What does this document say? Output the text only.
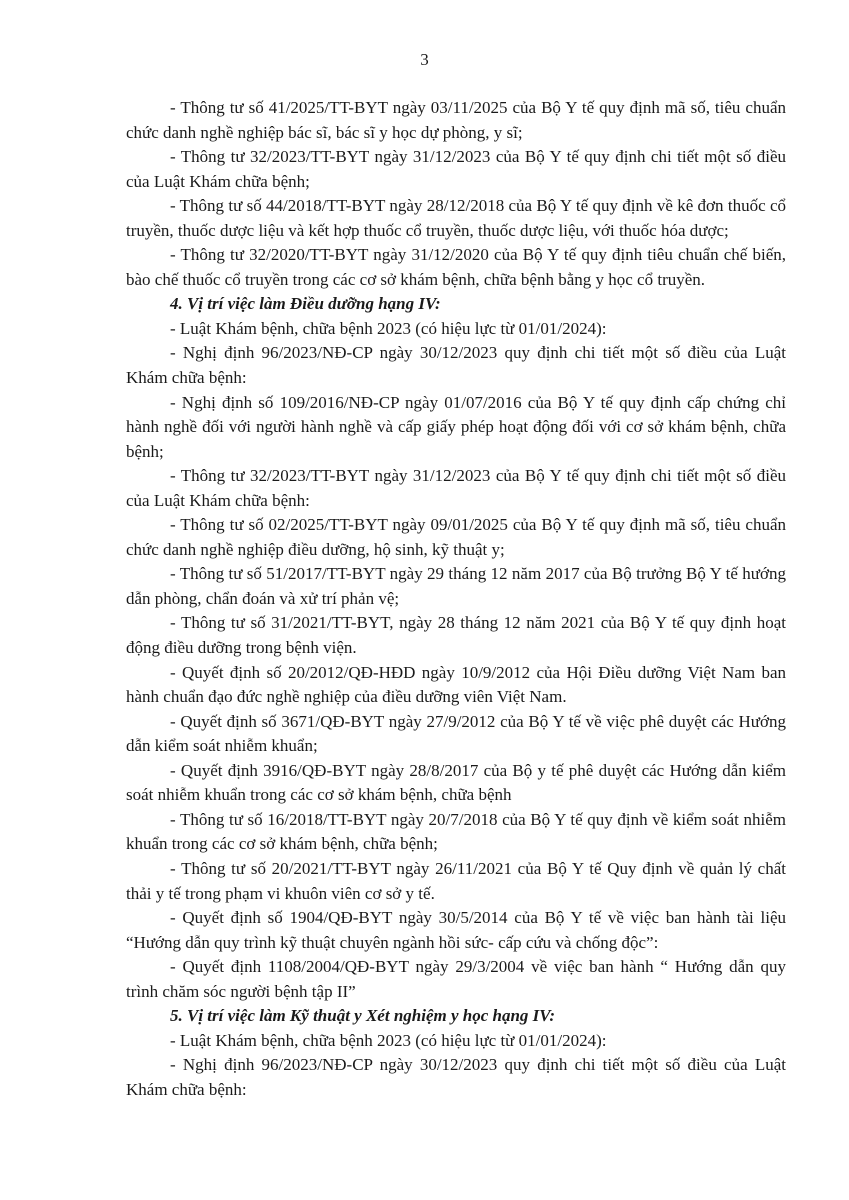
3

- Thông tư số 41/2025/TT-BYT ngày 03/11/2025 của Bộ Y tế quy định mã số, tiêu chuẩn chức danh nghề nghiệp bác sĩ, bác sĩ y học dự phòng, y sĩ;

- Thông tư 32/2023/TT-BYT ngày 31/12/2023 của Bộ Y tế quy định chi tiết một số điều của Luật Khám chữa bệnh;

- Thông tư số 44/2018/TT-BYT ngày 28/12/2018 của Bộ Y tế quy định về kê đơn thuốc cổ truyền, thuốc dược liệu và kết hợp thuốc cổ truyền, thuốc dược liệu, với thuốc hóa dược;

- Thông tư 32/2020/TT-BYT ngày 31/12/2020 của Bộ Y tế quy định tiêu chuẩn chế biến, bào chế thuốc cổ truyền trong các cơ sở khám bệnh, chữa bệnh bằng y học cổ truyền.

4. Vị trí việc làm Điều dưỡng hạng IV:

- Luật Khám bệnh, chữa bệnh 2023 (có hiệu lực từ 01/01/2024):

- Nghị định 96/2023/NĐ-CP ngày 30/12/2023 quy định chi tiết một số điều của Luật Khám chữa bệnh:

- Nghị định số 109/2016/NĐ-CP ngày 01/07/2016 của Bộ Y tế quy định cấp chứng chỉ hành nghề đối với người hành nghề và cấp giấy phép hoạt động đối với cơ sở khám bệnh, chữa bệnh;

- Thông tư 32/2023/TT-BYT ngày 31/12/2023 của Bộ Y tế quy định chi tiết một số điều của Luật Khám chữa bệnh:

- Thông tư số 02/2025/TT-BYT ngày 09/01/2025 của Bộ Y tế quy định mã số, tiêu chuẩn chức danh nghề nghiệp điều dưỡng, hộ sinh, kỹ thuật y;

- Thông tư số 51/2017/TT-BYT ngày 29 tháng 12 năm 2017 của Bộ trưởng Bộ Y tế hướng dẫn phòng, chẩn đoán và xử trí phản vệ;

- Thông tư số 31/2021/TT-BYT, ngày 28 tháng 12 năm 2021 của Bộ Y tế quy định hoạt động điều dưỡng trong bệnh viện.

- Quyết định số 20/2012/QĐ-HĐD ngày 10/9/2012 của Hội Điều dưỡng Việt Nam ban hành chuẩn đạo đức nghề nghiệp của điều dưỡng viên Việt Nam.

- Quyết định số 3671/QĐ-BYT ngày 27/9/2012 của Bộ Y tế về việc phê duyệt các Hướng dẫn kiểm soát nhiễm khuẩn;

- Quyết định 3916/QĐ-BYT ngày 28/8/2017 của Bộ y tế phê duyệt các Hướng dẫn kiểm soát nhiễm khuẩn trong các cơ sở khám bệnh, chữa bệnh

- Thông tư số 16/2018/TT-BYT ngày 20/7/2018 của Bộ Y tế quy định về kiểm soát nhiễm khuẩn trong các cơ sở khám bệnh, chữa bệnh;

- Thông tư số 20/2021/TT-BYT ngày 26/11/2021 của Bộ Y tế Quy định về quản lý chất thải y tế trong phạm vi khuôn viên cơ sở y tế.

- Quyết định số 1904/QĐ-BYT ngày 30/5/2014 của Bộ Y tế về việc ban hành tài liệu “Hướng dẫn quy trình kỹ thuật chuyên ngành hồi sức- cấp cứu và chống độc”:

- Quyết định 1108/2004/QĐ-BYT ngày 29/3/2004 về việc ban hành “ Hướng dẫn quy trình chăm sóc người bệnh tập II”

5. Vị trí việc làm Kỹ thuật y Xét nghiệm y học hạng IV:

- Luật Khám bệnh, chữa bệnh 2023 (có hiệu lực từ 01/01/2024):

- Nghị định 96/2023/NĐ-CP ngày 30/12/2023 quy định chi tiết một số điều của Luật Khám chữa bệnh:
